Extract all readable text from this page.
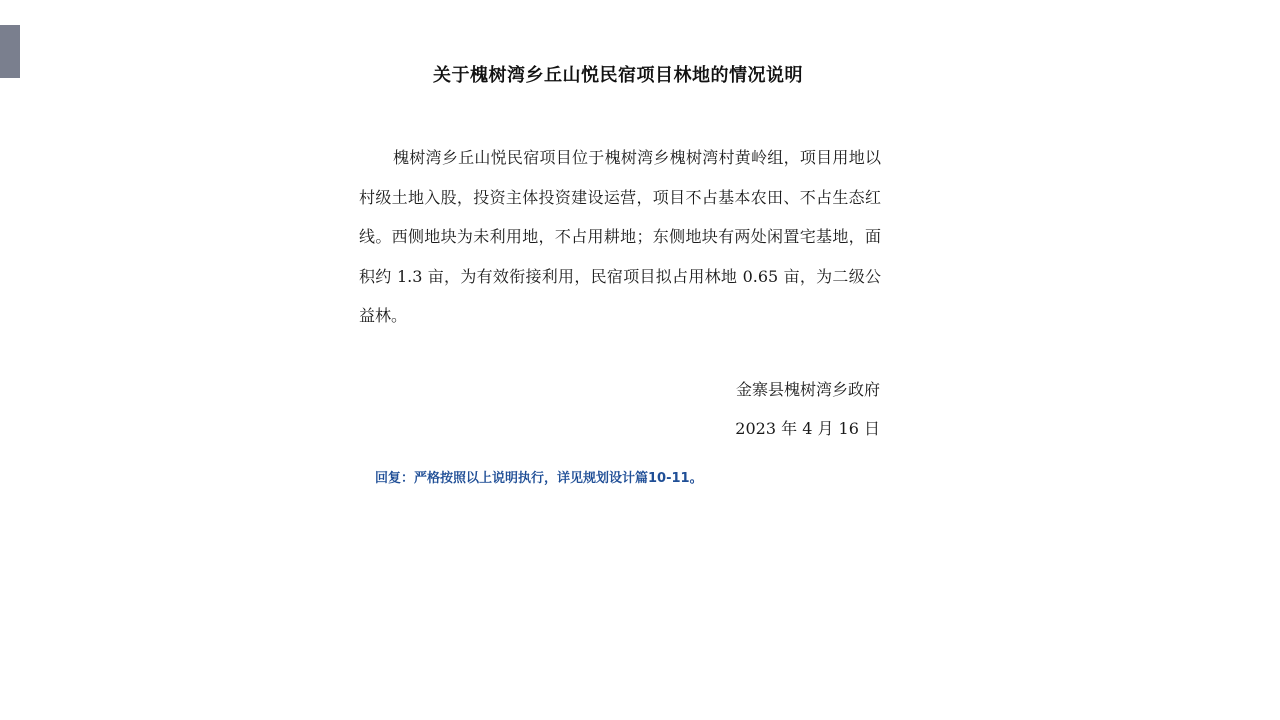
关于槐树湾乡丘山悦民宿项目林地的情况说明

槐树湾乡丘山悦民宿项目位于槐树湾乡槐树湾村黄岭组，项目用地以村级土地入股，投资主体投资建设运营，项目不占基本农田、不占生态红线。西侧地块为未利用地，不占用耕地；东侧地块有两处闲置宅基地，面积约 1.3 亩，为有效衔接利用，民宿项目拟占用林地 0.65 亩，为二级公益林。

金寨县槐树湾乡政府
2023 年 4 月 16 日
回复：严格按照以上说明执行，详见规划设计篇10-11。
